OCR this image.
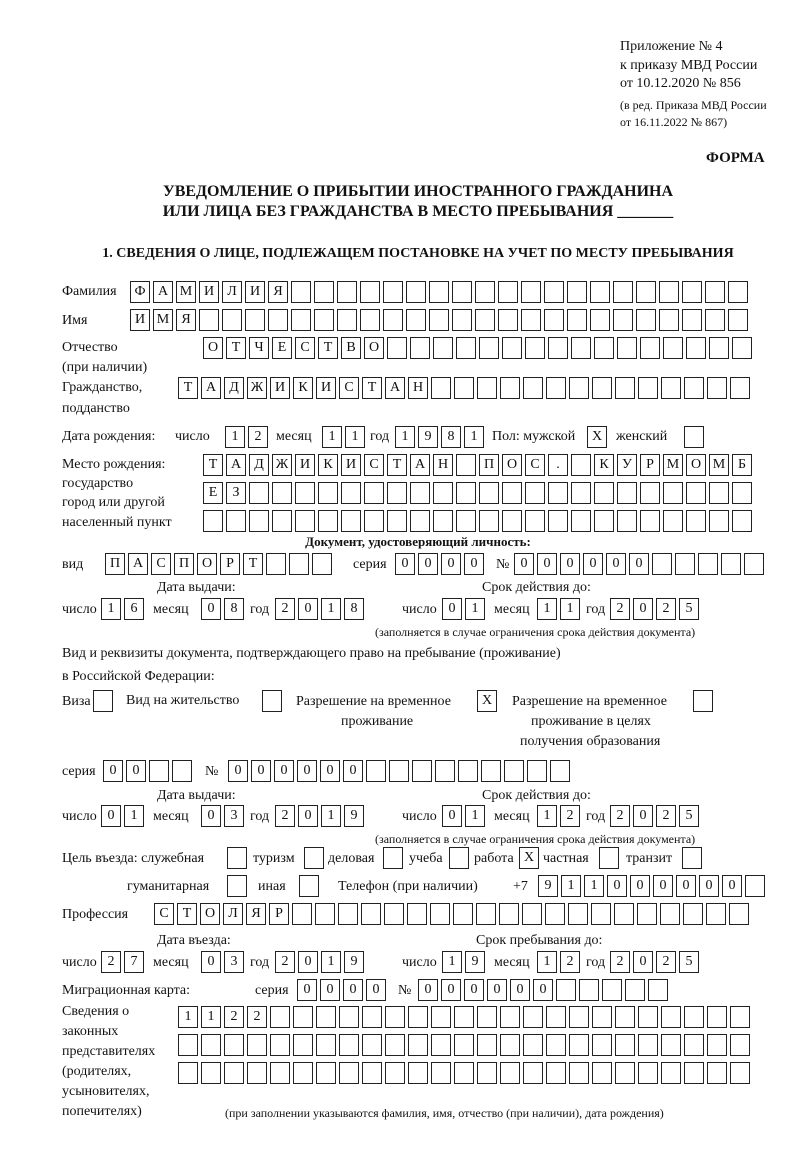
Приложение № 4
к приказу МВД России
от 10.12.2020 № 856
(в ред. Приказа МВД России
от 16.11.2022 № 867)
ФОРМА
УВЕДОМЛЕНИЕ О ПРИБЫТИИ ИНОСТРАННОГО ГРАЖДАНИНА
ИЛИ ЛИЦА БЕЗ ГРАЖДАНСТВА В МЕСТО ПРЕБЫВАНИЯ _______
1. СВЕДЕНИЯ О ЛИЦЕ, ПОДЛЕЖАЩЕМ ПОСТАНОВКЕ НА УЧЕТ ПО МЕСТУ ПРЕБЫВАНИЯ
Фамилия	Ф А М И Л И Я
Имя	И М Я
Отчество
(при наличии)
О Т	Ч	Е	С	Т	В О
Гражданство,
подданство
Т А Д Ж И К И С	Т А Н
Дата рождения: число	1	2	месяц	1	1 год 1	9	8	1	Пол: мужской	X женский
Место рождения:
государство
город или другой
населенный пункт
Т А Д Ж И К И С	Т А Н	П О С	.	К У	Р М О М Б
Е	З
Документ, удостоверяющий личность:
вид	П А С П О	Р	Т	серия	0	0	0	0	№ 0	0	0	0	0	0
Дата выдачи:	Срок действия до:
число 1	6	месяц	0	8 год 2	0	1	8	число 0	1	месяц 1	1 год 2	0	2	5
(заполняется в случае ограничения срока действия документа)
Вид и реквизиты документа, подтверждающего право на пребывание (проживание)
в Российской Федерации:
Виза	Вид на жительство	Разрешение на временное
проживание
X	Разрешение на временное
проживание в целях
получения образования
серия 0	0	№	0	0	0	0	0	0
Дата выдачи:	Срок действия до:
число 0	1	месяц	0	3 год 2	0	1	9	число 0	1	месяц 1	2 год 2	0	2	5
(заполняется в случае ограничения срока действия документа)
Цель въезда: служебная	туризм деловая учеба работа X частная	транзит
гуманитарная	иная	Телефон (при наличии)	+7	9	1	1	0	0	0	0	0	0
Профессия	С	Т О Л Я	Р
Дата въезда:	Срок пребывания до:
число 2	7	месяц	0	3 год 2	0	1	9	число 1	9	месяц 1	2 год 2	0	2	5
Миграционная карта:	серия	0	0	0	0	№ 0	0	0	0	0	0
Сведения о
законных
представителях
(родителях,
усыновителях,
попечителях)
1	1	2	2
(при заполнении указываются фамилия, имя, отчество (при наличии), дата рождения)
